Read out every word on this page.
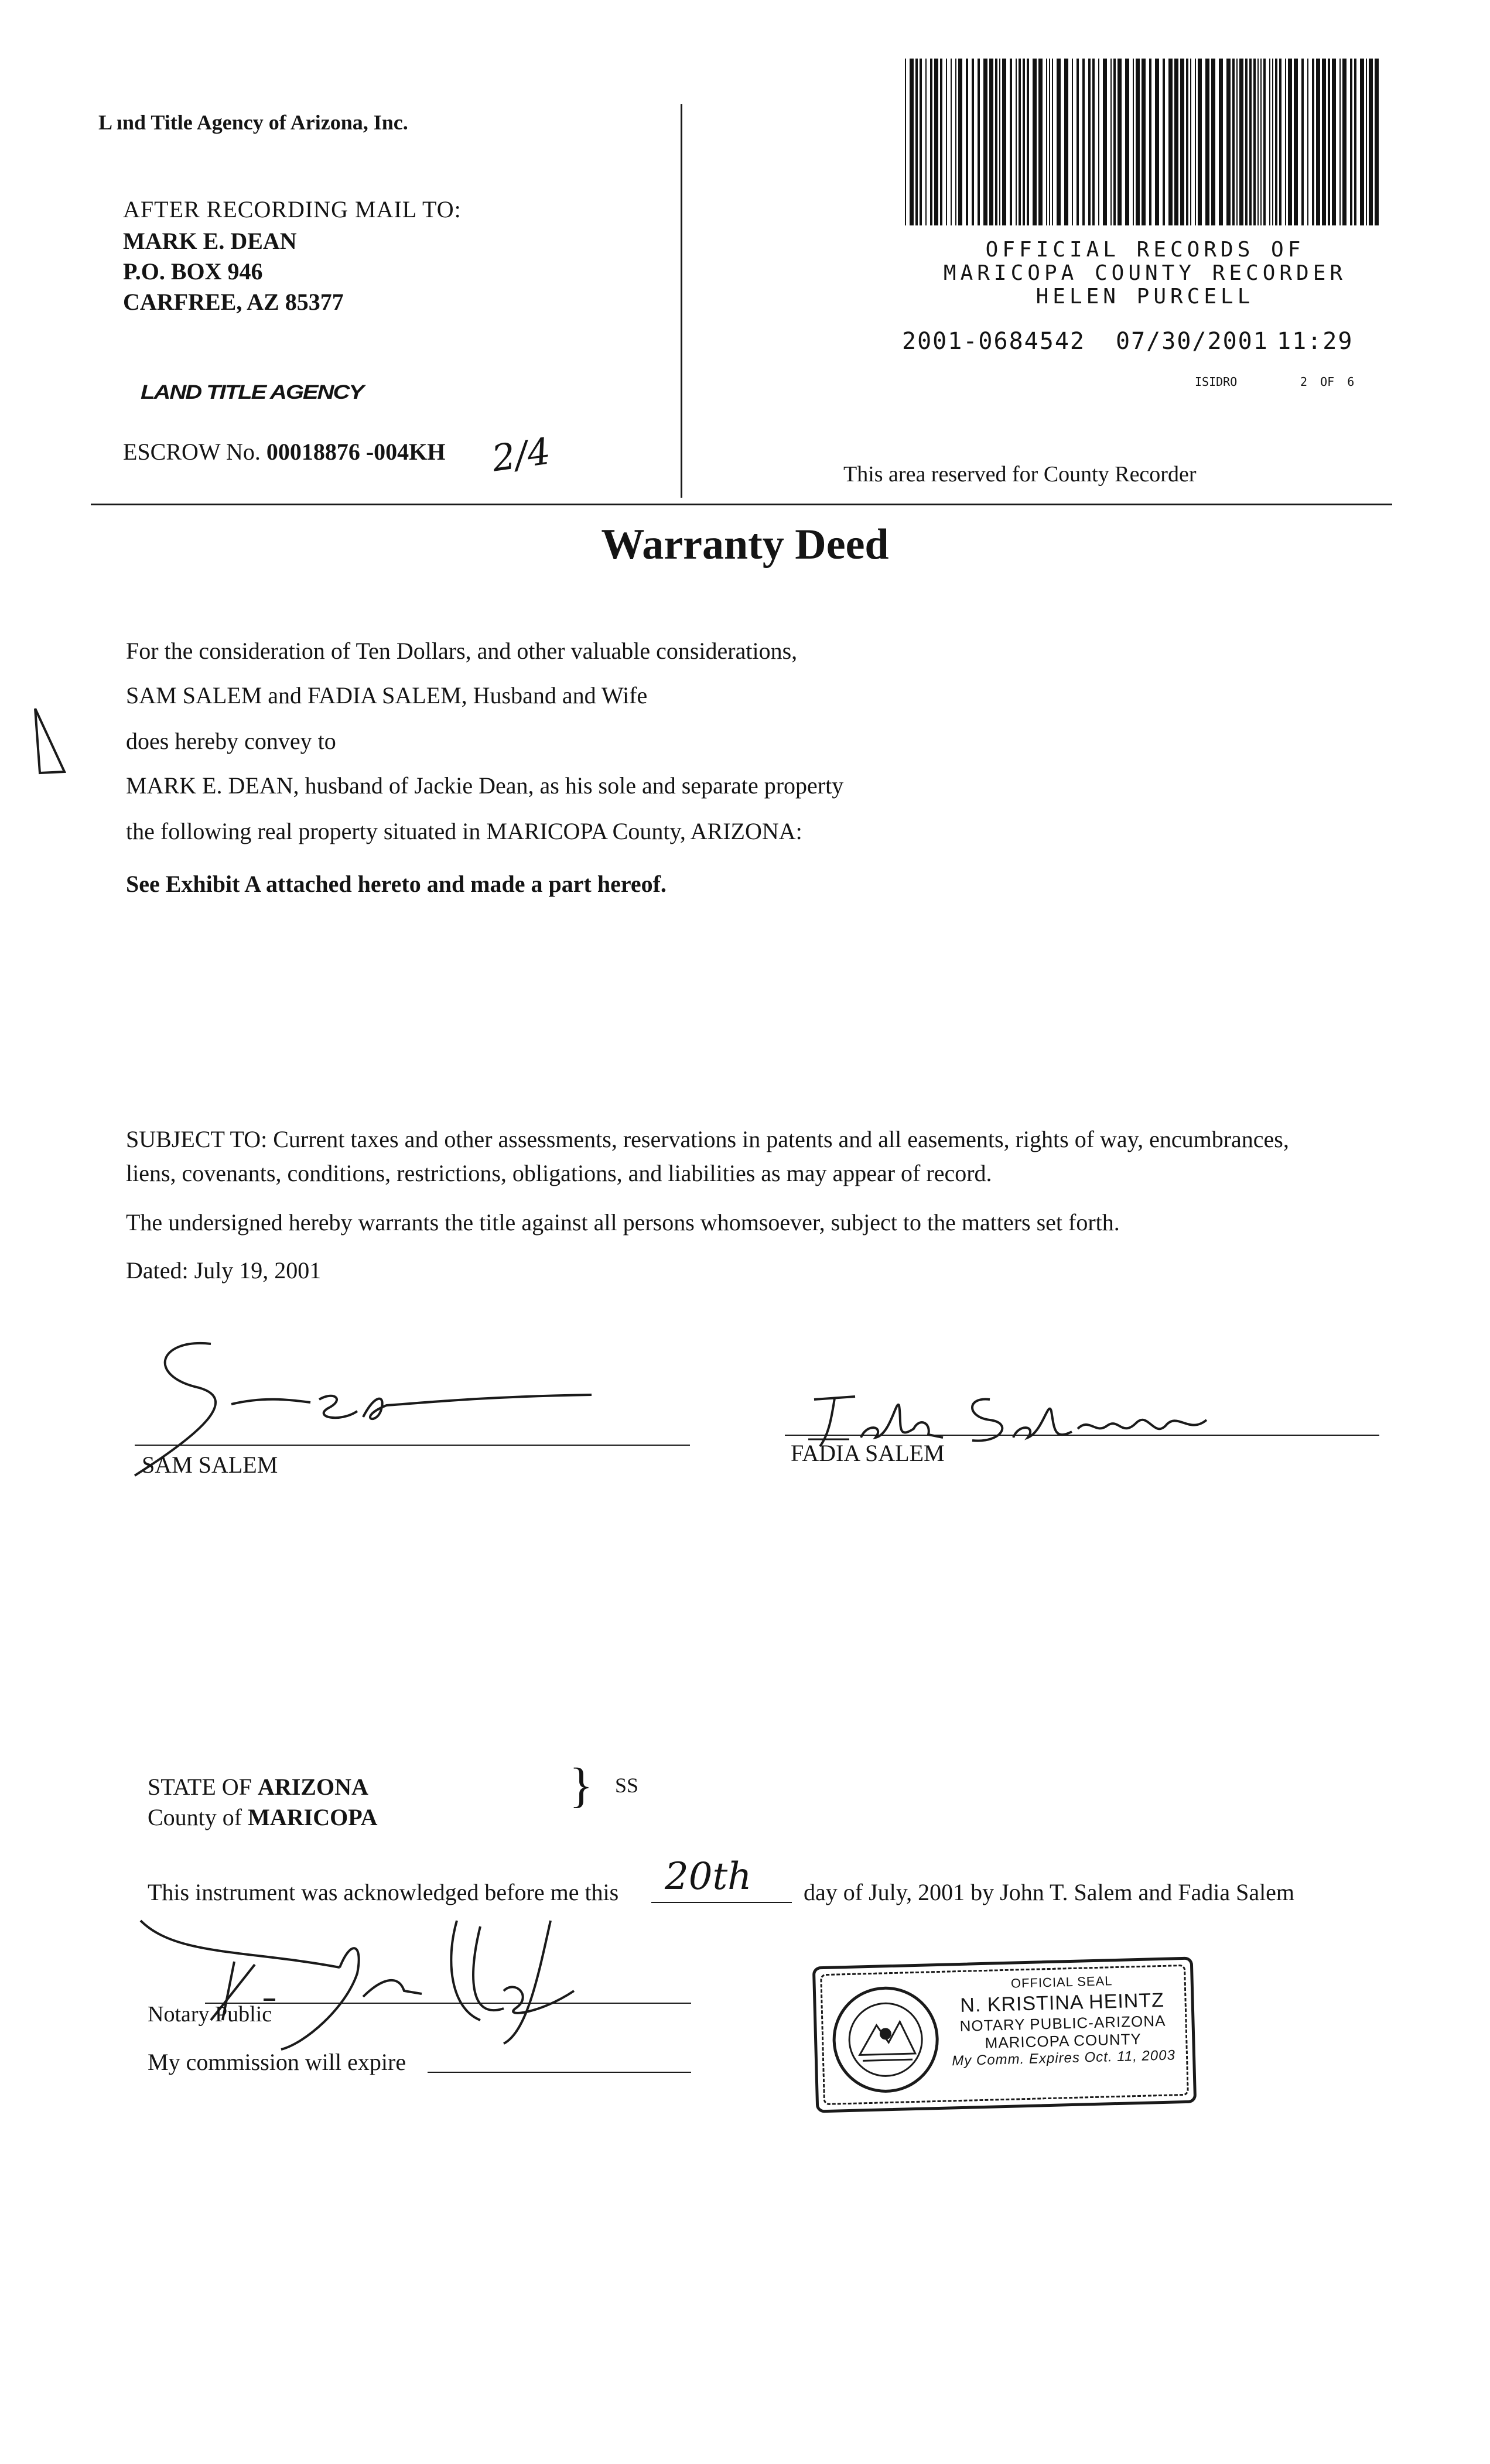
L ınd Title Agency of Arizona, Inc.
AFTER RECORDING MAIL TO:
MARK E. DEAN
P.O. BOX 946
CARFREE, AZ 85377
LAND TITLE AGENCY
ESCROW No. 00018876 -004KH 2/4
OFFICIAL RECORDS OF
MARICOPA COUNTY RECORDER
HELEN PURCELL
2001-0684542 07/30/2001 11:29
ISIDRO	2 OF 6
This area reserved for County Recorder
Warranty Deed
For the consideration of Ten Dollars, and other valuable considerations,
SAM SALEM and FADIA SALEM, Husband and Wife
does hereby convey to
MARK E. DEAN, husband of Jackie Dean, as his sole and separate property
the following real property situated in MARICOPA County, ARIZONA:
See Exhibit A attached hereto and made a part hereof.
SUBJECT TO: Current taxes and other assessments, reservations in patents and all easements, rights of way, encumbrances,
liens, covenants, conditions, restrictions, obligations, and liabilities as may appear of record.
The undersigned hereby warrants the title against all persons whomsoever, subject to the matters set forth.
Dated: July 19, 2001
SAM SALEM	FADIA SALEM
STATE OF ARIZONA
County of MARICOPA
} SS
This instrument was acknowledged before me this 20th day of July, 2001 by John T. Salem and Fadia Salem
Notary Public
My commission will expire
OFFICIAL SEAL
N. KRISTINA HEINTZ
NOTARY PUBLIC-ARIZONA
MARICOPA COUNTY
My Comm. Expires Oct. 11, 2003
